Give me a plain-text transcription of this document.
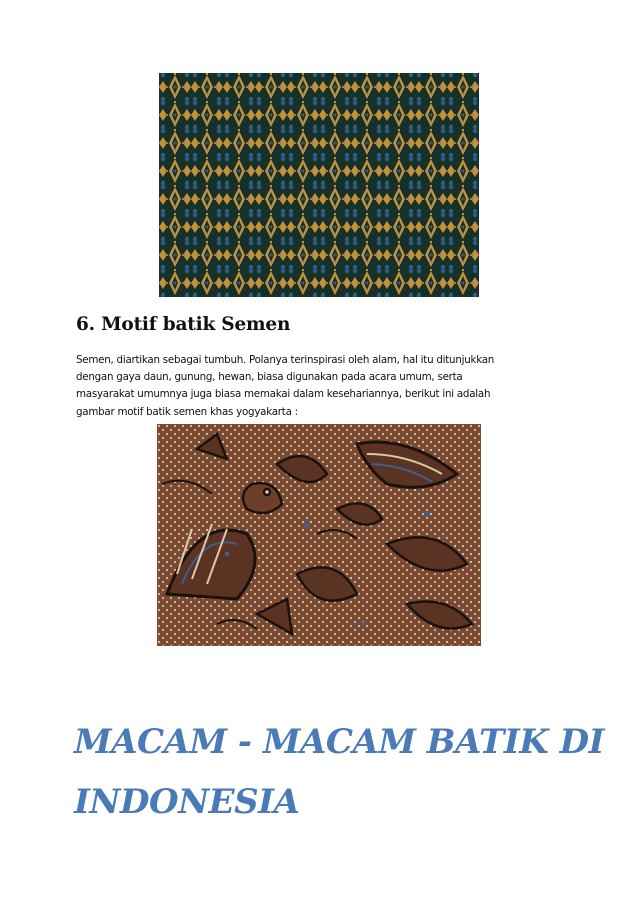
6. Motif batik Semen
Semen, diartikan sebagai tumbuh. Polanya terinspirasi oleh alam, hal itu ditunjukkan
dengan gaya daun, gunung, hewan, biasa digunakan pada acara umum, serta
masyarakat umumnya juga biasa memakai dalam kesehariannya, berikut ini adalah
gambar motif batik semen khas yogyakarta :
MACAM - MACAM BATIK DI
INDONESIA
